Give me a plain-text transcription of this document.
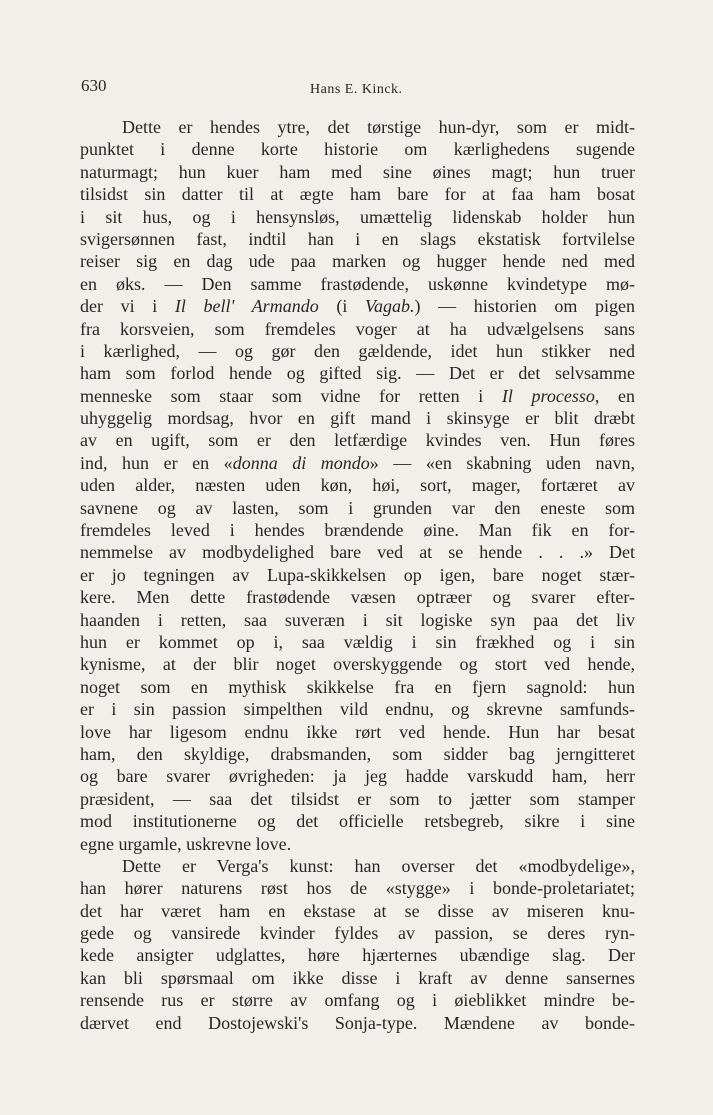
630	Hans E. Kinck.
Dette er hendes ytre, det tørstige hun-dyr, som er midt-
punktet i denne korte historie om kærlighedens sugende
naturmagt; hun kuer ham med sine øines magt; hun truer
tilsidst sin datter til at ægte ham bare for at faa ham bosat
i sit hus, og i hensynsløs, umættelig lidenskab holder hun
svigersønnen fast, indtil han i en slags ekstatisk fortvilelse
reiser sig en dag ude paa marken og hugger hende ned med
en øks. — Den samme frastødende, uskønne kvindetype mø-
der vi i Il bell' Armando (i Vagab.) — historien om pigen
fra korsveien, som fremdeles voger at ha udvælgelsens sans
i kærlighed, — og gør den gældende, idet hun stikker ned
ham som forlod hende og gifted sig. — Det er det selvsamme
menneske som staar som vidne for retten i Il processo, en
uhyggelig mordsag, hvor en gift mand i skinsyge er blit dræbt
av en ugift, som er den letfærdige kvindes ven. Hun føres
ind, hun er en «donna di mondo» — «en skabning uden navn,
uden alder, næsten uden køn, høi, sort, mager, fortæret av
savnene og av lasten, som i grunden var den eneste som
fremdeles leved i hendes brændende øine. Man fik en for-
nemmelse av modbydelighed bare ved at se hende . . .» Det
er jo tegningen av Lupa-skikkelsen op igen, bare noget stær-
kere. Men dette frastødende væsen optræer og svarer efter-
haanden i retten, saa suveræn i sit logiske syn paa det liv
hun er kommet op i, saa vældig i sin frækhed og i sin
kynisme, at der blir noget overskyggende og stort ved hende,
noget som en mythisk skikkelse fra en fjern sagnold: hun
er i sin passion simpelthen vild endnu, og skrevne samfunds-
love har ligesom endnu ikke rørt ved hende. Hun har besat
ham, den skyldige, drabsmanden, som sidder bag jerngitteret
og bare svarer øvrigheden: ja jeg hadde varskudd ham, herr
præsident, — saa det tilsidst er som to jætter som stamper
mod institutionerne og det officielle retsbegreb, sikre i sine
egne urgamle, uskrevne love.
Dette er Verga's kunst: han overser det «modbydelige»,
han hører naturens røst hos de «stygge» i bonde-proletariatet;
det har været ham en ekstase at se disse av miseren knu-
gede og vansirede kvinder fyldes av passion, se deres ryn-
kede ansigter udglattes, høre hjærternes ubændige slag. Der
kan bli spørsmaal om ikke disse i kraft av denne sansernes
rensende rus er større av omfang og i øieblikket mindre be-
dærvet end Dostojewski's Sonja-type. Mændene av bonde-
